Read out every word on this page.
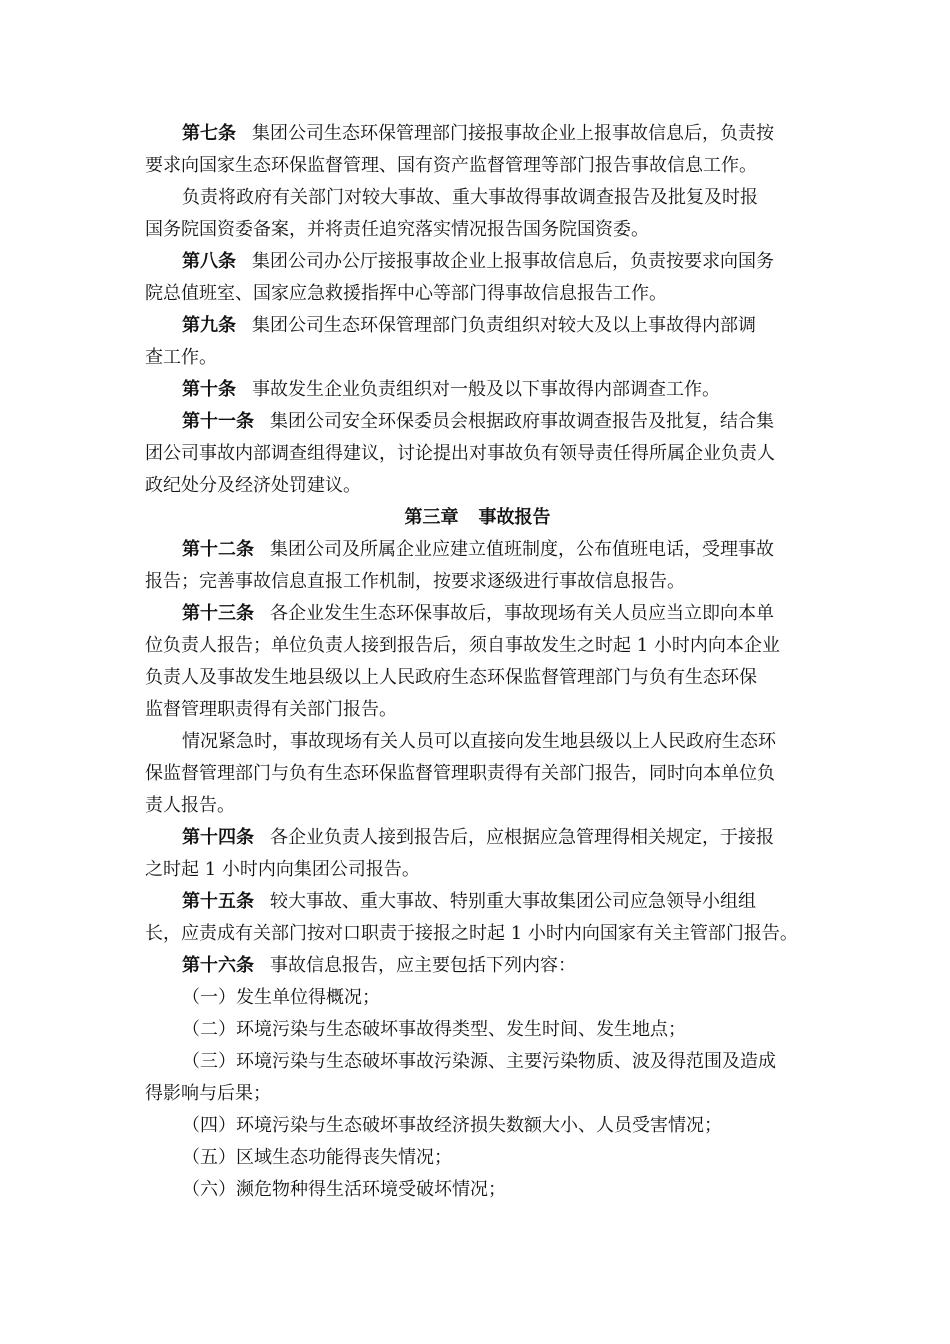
第七条 集团公司生态环保管理部门接报事故企业上报事故信息后，负责按
要求向国家生态环保监督管理、国有资产监督管理等部门报告事故信息工作。
负责将政府有关部门对较大事故、重大事故得事故调查报告及批复及时报
国务院国资委备案，并将责任追究落实情况报告国务院国资委。
第八条 集团公司办公厅接报事故企业上报事故信息后，负责按要求向国务
院总值班室、国家应急救援指挥中心等部门得事故信息报告工作。
第九条 集团公司生态环保管理部门负责组织对较大及以上事故得内部调
查工作。
第十条 事故发生企业负责组织对一般及以下事故得内部调查工作。
第十一条 集团公司安全环保委员会根据政府事故调查报告及批复，结合集
团公司事故内部调查组得建议，讨论提出对事故负有领导责任得所属企业负责人
政纪处分及经济处罚建议。
第三章 事故报告
第十二条 集团公司及所属企业应建立值班制度，公布值班电话，受理事故
报告；完善事故信息直报工作机制，按要求逐级进行事故信息报告。
第十三条 各企业发生生态环保事故后，事故现场有关人员应当立即向本单
位负责人报告；单位负责人接到报告后，须自事故发生之时起 1 小时内向本企业
负责人及事故发生地县级以上人民政府生态环保监督管理部门与负有生态环保
监督管理职责得有关部门报告。
情况紧急时，事故现场有关人员可以直接向发生地县级以上人民政府生态环
保监督管理部门与负有生态环保监督管理职责得有关部门报告，同时向本单位负
责人报告。
第十四条 各企业负责人接到报告后，应根据应急管理得相关规定，于接报
之时起 1 小时内向集团公司报告。
第十五条 较大事故、重大事故、特别重大事故集团公司应急领导小组组
长，应责成有关部门按对口职责于接报之时起 1 小时内向国家有关主管部门报告。
第十六条 事故信息报告，应主要包括下列内容：
（一）发生单位得概况；
（二）环境污染与生态破坏事故得类型、发生时间、发生地点；
（三）环境污染与生态破坏事故污染源、主要污染物质、波及得范围及造成
得影响与后果；
（四）环境污染与生态破坏事故经济损失数额大小、人员受害情况；
（五）区域生态功能得丧失情况；
（六）濒危物种得生活环境受破坏情况；
